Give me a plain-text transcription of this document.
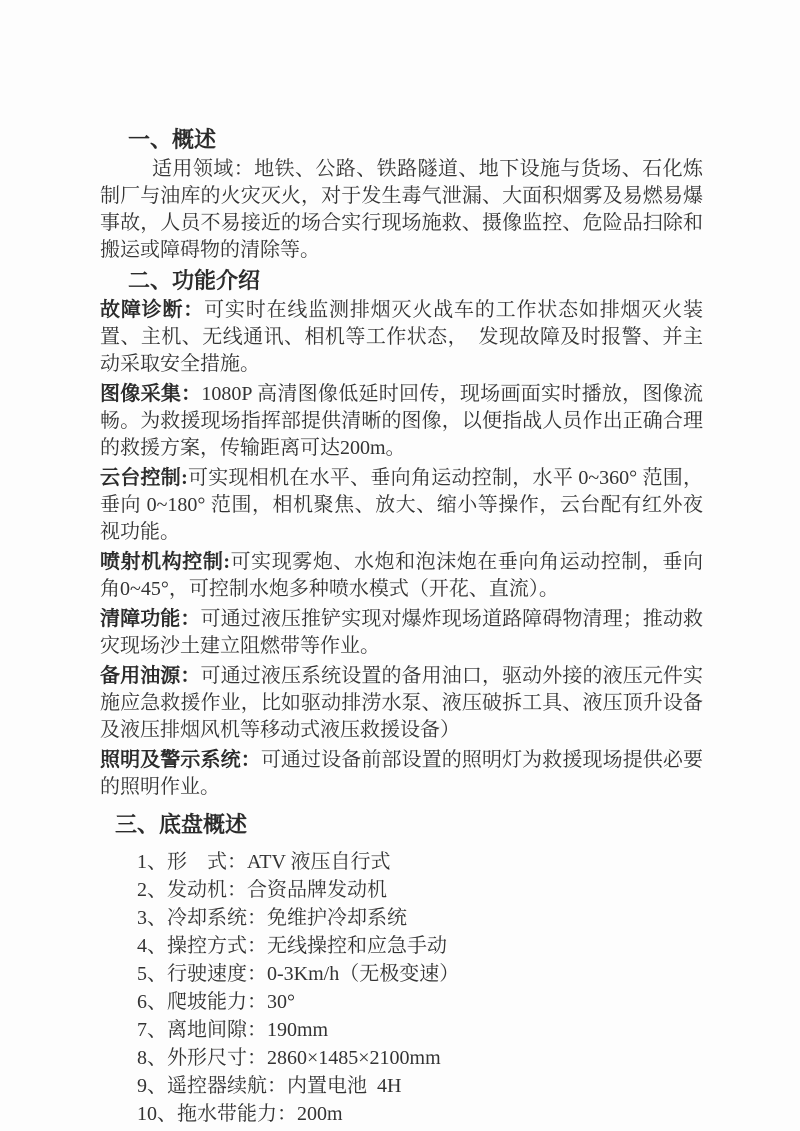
一、概述

适用领域：地铁、公路、铁路隧道、地下设施与货场、石化炼制厂与油库的火灾灭火，对于发生毒气泄漏、大面积烟雾及易燃易爆事故，人员不易接近的场合实行现场施救、摄像监控、危险品扫除和搬运或障碍物的清除等。

二、功能介绍

故障诊断：可实时在线监测排烟灭火战车的工作状态如排烟灭火装置、主机、无线通讯、相机等工作状态，　发现故障及时报警、并主动采取安全措施。

图像采集：1080P 高清图像低延时回传，现场画面实时播放，图像流畅。为救援现场指挥部提供清晰的图像，以便指战人员作出正确合理的救援方案，传输距离可达200m。

云台控制:可实现相机在水平、垂向角运动控制，水平 0~360° 范围，垂向 0~180° 范围，相机聚焦、放大、缩小等操作，云台配有红外夜视功能。

喷射机构控制:可实现雾炮、水炮和泡沫炮在垂向角运动控制，垂向角0~45°，可控制水炮多种喷水模式（开花、直流）。

清障功能：可通过液压推铲实现对爆炸现场道路障碍物清理；推动救灾现场沙土建立阻燃带等作业。

备用油源：可通过液压系统设置的备用油口，驱动外接的液压元件实施应急救援作业，比如驱动排涝水泵、液压破拆工具、液压顶升设备及液压排烟风机等移动式液压救援设备）

照明及警示系统：可通过设备前部设置的照明灯为救援现场提供必要的照明作业。

三、底盘概述
1、形　式：ATV 液压自行式
2、发动机：合资品牌发动机
3、冷却系统：免维护冷却系统
4、操控方式：无线操控和应急手动
5、行驶速度：0-3Km/h（无极变速）
6、爬坡能力：30°
7、离地间隙：190mm
8、外形尺寸：2860×1485×2100mm
9、遥控器续航：内置电池  4H
10、拖水带能力：200m
